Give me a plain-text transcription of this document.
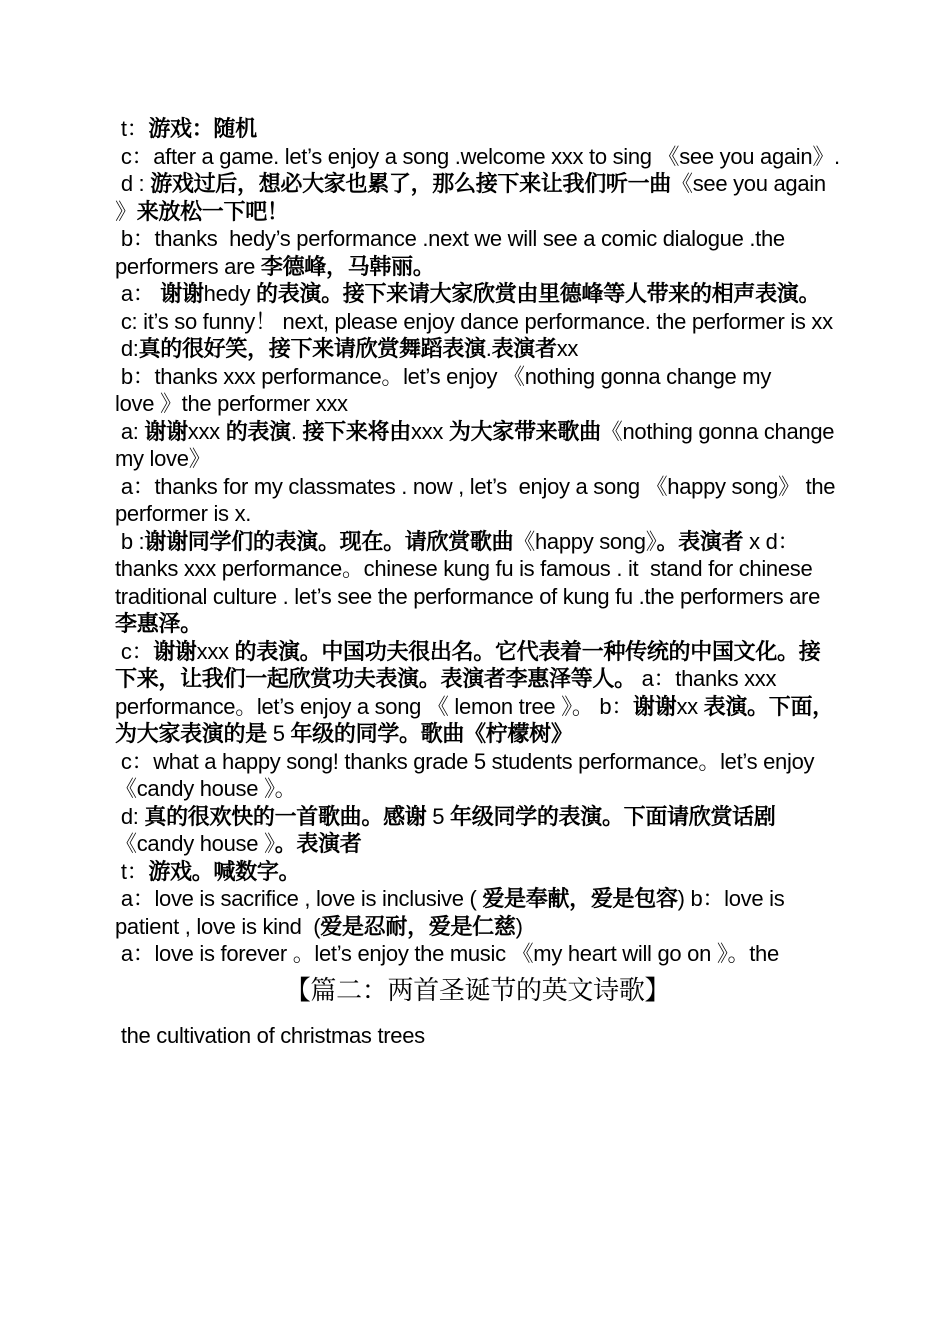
t：游戏：随机
c：after a game. let’s enjoy a song .welcome xxx to sing 《see you again》.
d : 游戏过后，想必大家也累了，那么接下来让我们听一曲《see you again 》来放松一下吧！
b：thanks  hedy’s performance .next we will see a comic dialogue .the performers are 李德峰，马韩丽。
a： 谢谢hedy 的表演。接下来请大家欣赏由里德峰等人带来的相声表演。
c: it’s so funny！ next, please enjoy dance performance. the performer is xx
d:真的很好笑，接下来请欣赏舞蹈表演.表演者xx
b：thanks xxx performance。let’s enjoy 《nothing gonna change my
love 》the performer xxx
a: 谢谢xxx 的表演. 接下来将由xxx 为大家带来歌曲《nothing gonna change my love》
a：thanks for my classmates . now , let’s  enjoy a song 《happy song》 the performer is x.
b :谢谢同学们的表演。现在。请欣赏歌曲《happy song》。表演者 x d：thanks xxx performance。chinese kung fu is famous . it  stand for chinese traditional culture . let’s see the performance of kung fu .the performers are 李惠泽。
c：谢谢xxx 的表演。中国功夫很出名。它代表着一种传统的中国文化。接下来，让我们一起欣赏功夫表演。表演者李惠泽等人。 a：thanks xxx performance。let’s enjoy a song 《 lemon tree 》。 b：谢谢xx 表演。下面，为大家表演的是 5 年级的同学。歌曲《柠檬树》
c：what a happy song! thanks grade 5 students performance。let’s enjoy 《candy house 》。
d: 真的很欢快的一首歌曲。感谢 5 年级同学的表演。下面请欣赏话剧《candy house 》。表演者
t：游戏。喊数字。
a：love is sacrifice , love is inclusive ( 爱是奉献，爱是包容) b：love is patient , love is kind  (爱是忍耐，爱是仁慈)
a：love is forever 。let’s enjoy the music 《my heart will go on 》。the
【篇二：两首圣诞节的英文诗歌】
the cultivation of christmas trees
